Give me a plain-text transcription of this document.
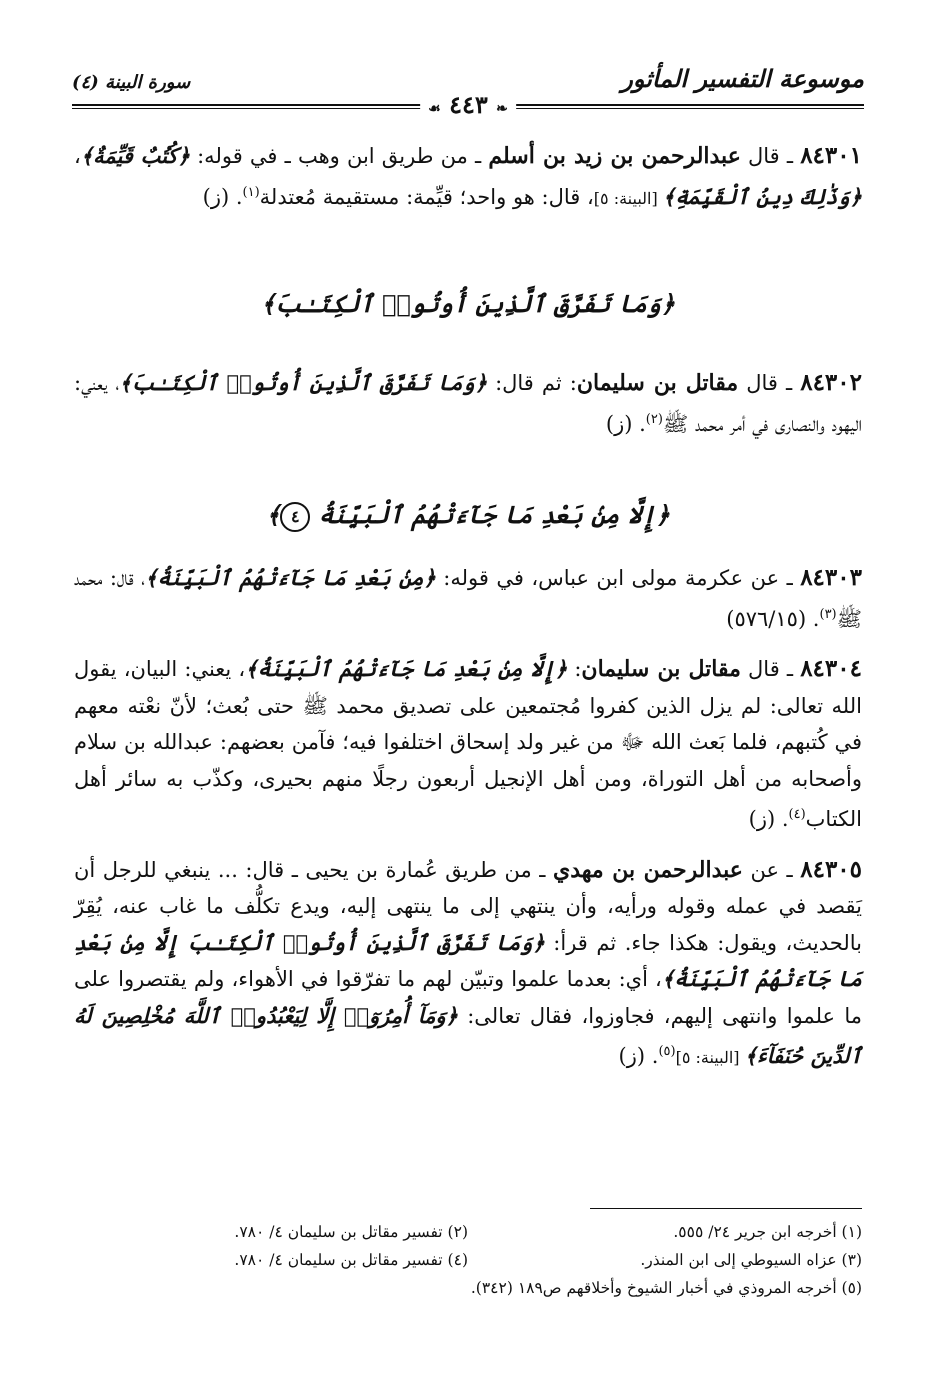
موسوعة التفسير المأثور
سورة البينة (٤)
❧ ٤٤٣ ☙

٨٤٣٠١ ـ قال عبدالرحمن بن زيد بن أسلم ـ من طريق ابن وهب ـ في قوله: ﴿كُتُبٌ قَيِّمَةٌ﴾، ﴿وَذَٰلِكَ دِينُ ٱلْقَيِّمَةِ﴾ [البينة: ٥]، قال: هو واحد؛ قيِّمة: مستقيمة مُعتدلة$^{(١)}$. (ز)

﴿وَمَا تَفَرَّقَ ٱلَّذِينَ أُوتُوا۟ ٱلْكِتَـٰبَ﴾

٨٤٣٠٢ ـ قال مقاتل بن سليمان: ثم قال: ﴿وَمَا تَفَرَّقَ ٱلَّذِينَ أُوتُوا۟ ٱلْكِتَـٰبَ﴾، يعني: اليهود والنصارى في أمر محمد ﷺ$^{(٢)}$. (ز)

﴿إِلَّا مِنۢ بَعْدِ مَا جَآءَتْهُمُ ٱلْبَيِّنَةُ ٤﴾

٨٤٣٠٣ ـ عن عكرمة مولى ابن عباس، في قوله: ﴿مِنۢ بَعْدِ مَا جَآءَتْهُمُ ٱلْبَيِّنَةُ﴾، قال: محمد ﷺ$^{(٣)}$. (٥٧٦/١٥)

٨٤٣٠٤ ـ قال مقاتل بن سليمان: ﴿إِلَّا مِنۢ بَعْدِ مَا جَآءَتْهُمُ ٱلْبَيِّنَةُ﴾، يعني: البيان، يقول الله تعالى: لم يزل الذين كفروا مُجتمعين على تصديق محمد ﷺ حتى بُعث؛ لأنّ نعْته معهم في كُتبهم، فلما بَعث الله ﷻ من غير ولد إسحاق اختلفوا فيه؛ فآمن بعضهم: عبدالله بن سلام وأصحابه من أهل التوراة، ومن أهل الإنجيل أربعون رجلًا منهم بحيرى، وكذّب به سائر أهل الكتاب$^{(٤)}$. (ز)

٨٤٣٠٥ ـ عن عبدالرحمن بن مهدي ـ من طريق عُمارة بن يحيى ـ قال: ... ينبغي للرجل أن يَقصد في عمله وقوله ورأيه، وأن ينتهي إلى ما ينتهى إليه، ويدع تكلُّف ما غاب عنه، يُقِرّ بالحديث، ويقول: هكذا جاء. ثم قرأ: ﴿وَمَا تَفَرَّقَ ٱلَّذِينَ أُوتُوا۟ ٱلْكِتَـٰبَ إِلَّا مِنۢ بَعْدِ مَا جَآءَتْهُمُ ٱلْبَيِّنَةُ﴾، أي: بعدما علموا وتبيّن لهم ما تفرّقوا في الأهواء، ولم يقتصروا على ما علموا وانتهى إليهم، فجاوزوا، فقال تعالى: ﴿وَمَآ أُمِرُوٓا۟ إِلَّا لِيَعْبُدُوا۟ ٱللَّهَ مُخْلِصِينَ لَهُ ٱلدِّينَ حُنَفَآءَ﴾ [البينة: ٥]$^{(٥)}$. (ز)

(١) أخرجه ابن جرير ٢٤/ ٥٥٥.
(٢) تفسير مقاتل بن سليمان ٤/ ٧٨٠.
(٣) عزاه السيوطي إلى ابن المنذر.
(٤) تفسير مقاتل بن سليمان ٤/ ٧٨٠.
(٥) أخرجه المروذي في أخبار الشيوخ وأخلاقهم ص١٨٩ (٣٤٢).
